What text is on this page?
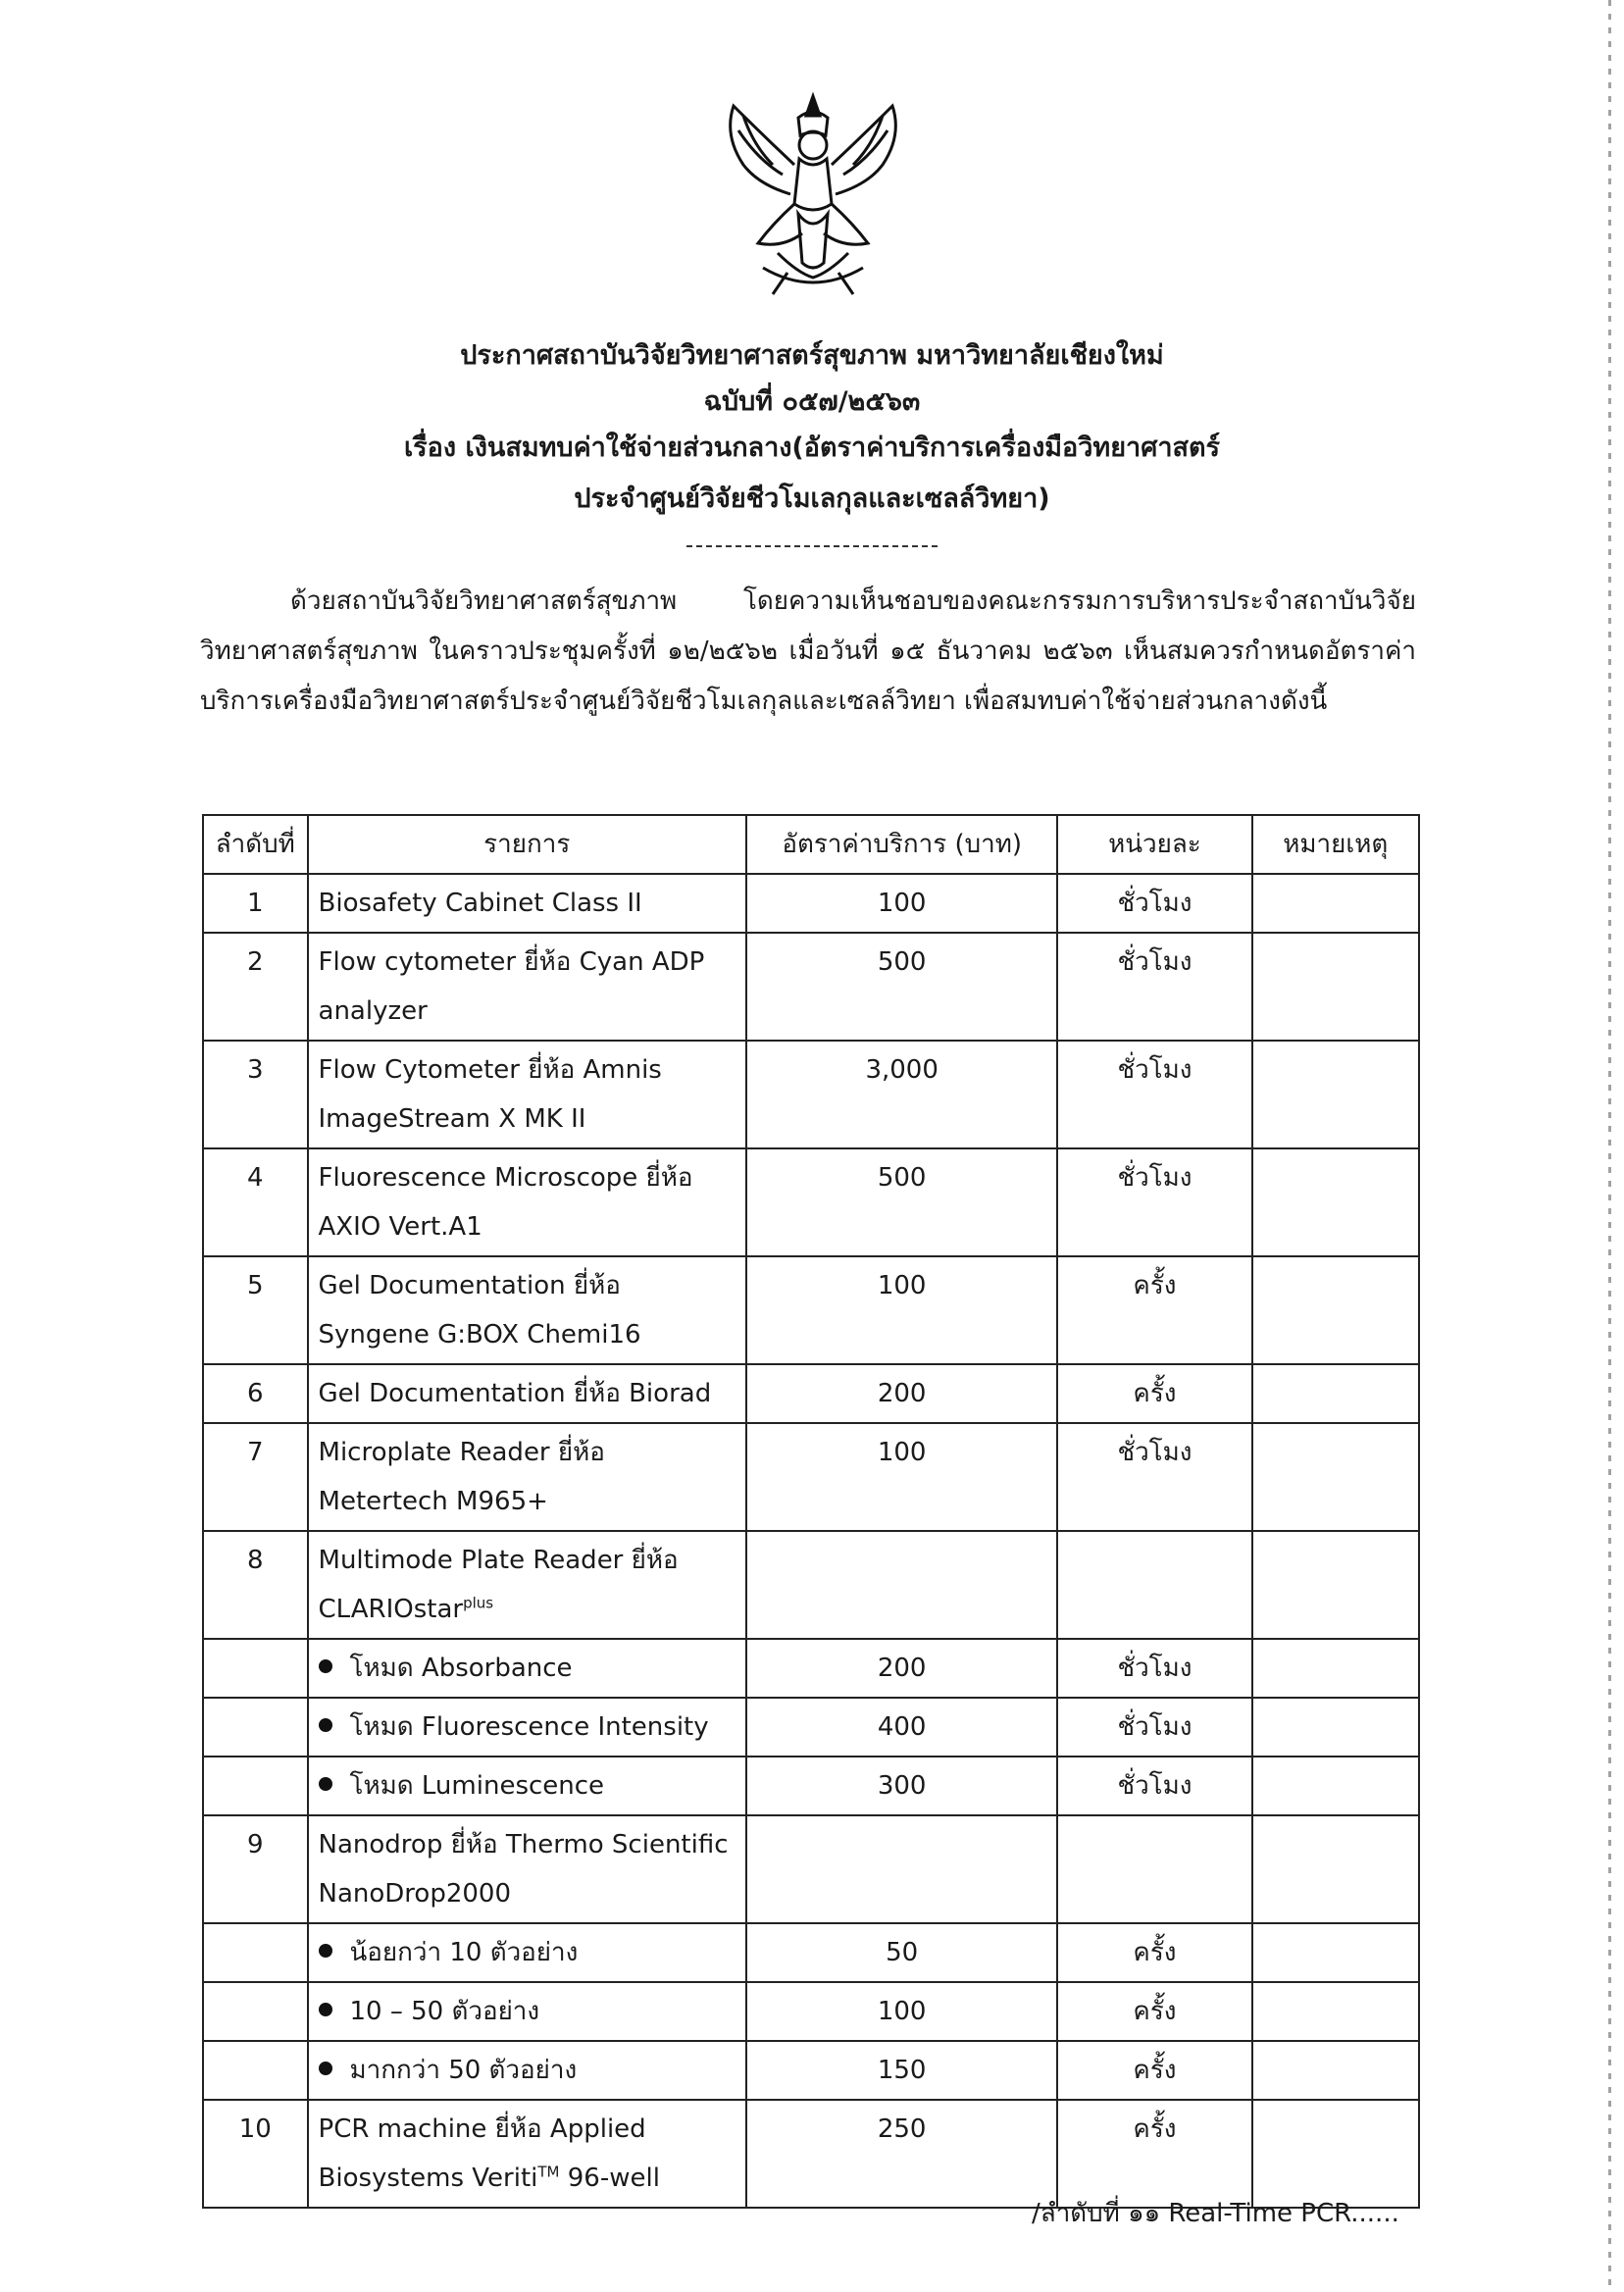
ประกาศสถาบันวิจัยวิทยาศาสตร์สุขภาพ มหาวิทยาลัยเชียงใหม่
ฉบับที่ ๐๕๗/๒๕๖๓
เรื่อง เงินสมทบค่าใช้จ่ายส่วนกลาง(อัตราค่าบริการเครื่องมือวิทยาศาสตร์
ประจำศูนย์วิจัยชีวโมเลกุลและเซลล์วิทยา)
ด้วยสถาบันวิจัยวิทยาศาสตร์สุขภาพ โดยความเห็นชอบของคณะกรรมการบริหารประจำสถาบันวิจัยวิทยาศาสตร์สุขภาพ ในคราวประชุมครั้งที่ ๑๒/๒๕๖๒ เมื่อวันที่ ๑๕ ธันวาคม ๒๕๖๓ เห็นสมควรกำหนดอัตราค่าบริการเครื่องมือวิทยาศาสตร์ประจำศูนย์วิจัยชีวโมเลกุลและเซลล์วิทยา เพื่อสมทบค่าใช้จ่ายส่วนกลางดังนี้
ลำดับที่	รายการ	อัตราค่าบริการ (บาท)	หน่วยละ	หมายเหตุ
1	Biosafety Cabinet Class II	100	ชั่วโมง	
2	Flow cytometer ยี่ห้อ Cyan ADP analyzer	500	ชั่วโมง	
3	Flow Cytometer ยี่ห้อ Amnis ImageStream X MK II	3,000	ชั่วโมง	
4	Fluorescence Microscope ยี่ห้อ AXIO Vert.A1	500	ชั่วโมง	
5	Gel Documentation ยี่ห้อ Syngene G:BOX Chemi16	100	ครั้ง	
6	Gel Documentation ยี่ห้อ Biorad	200	ครั้ง	
7	Microplate Reader ยี่ห้อ Metertech M965+	100	ชั่วโมง	
8	Multimode Plate Reader ยี่ห้อ CLARIOstar$^{plus}$			
	โหมด Absorbance	200	ชั่วโมง	
	โหมด Fluorescence Intensity	400	ชั่วโมง	
	โหมด Luminescence	300	ชั่วโมง	
9	Nanodrop ยี่ห้อ Thermo Scientific NanoDrop2000			
	น้อยกว่า 10 ตัวอย่าง	50	ครั้ง	
	10 – 50 ตัวอย่าง	100	ครั้ง	
	มากกว่า 50 ตัวอย่าง	150	ครั้ง	
10	PCR machine ยี่ห้อ Applied Biosystems Veriti™ 96-well	250	ครั้ง	
/ลำดับที่ ๑๑ Real-Time PCR......
